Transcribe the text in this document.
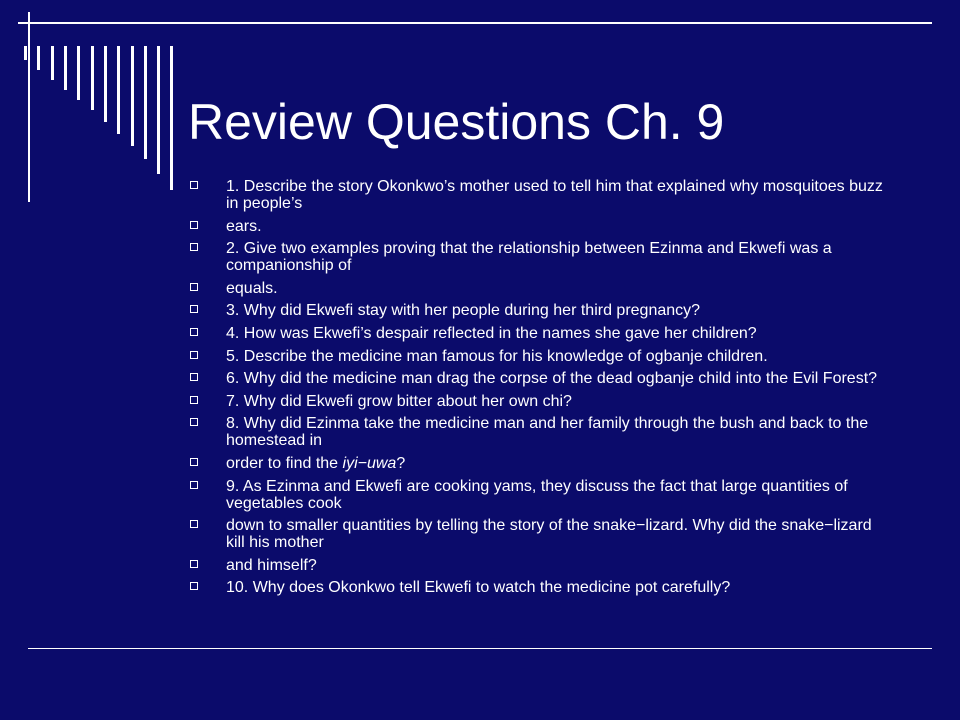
Review Questions Ch. 9
1. Describe the story Okonkwo’s mother used to tell him that explained why mosquitoes buzz in people’s
ears.
2. Give two examples proving that the relationship between Ezinma and Ekwefi was a companionship of
equals.
3. Why did Ekwefi stay with her people during her third pregnancy?
4. How was Ekwefi’s despair reflected in the names she gave her children?
5. Describe the medicine man famous for his knowledge of ogbanje children.
6. Why did the medicine man drag the corpse of the dead ogbanje child into the Evil Forest?
7. Why did Ekwefi grow bitter about her own chi?
8. Why did Ezinma take the medicine man and her family through the bush and back to the homestead in
order to find the iyi−uwa?
9. As Ezinma and Ekwefi are cooking yams, they discuss the fact that large quantities of vegetables cook
down to smaller quantities by telling the story of the snake−lizard. Why did the snake−lizard kill his mother
and himself?
10. Why does Okonkwo tell Ekwefi to watch the medicine pot carefully?
